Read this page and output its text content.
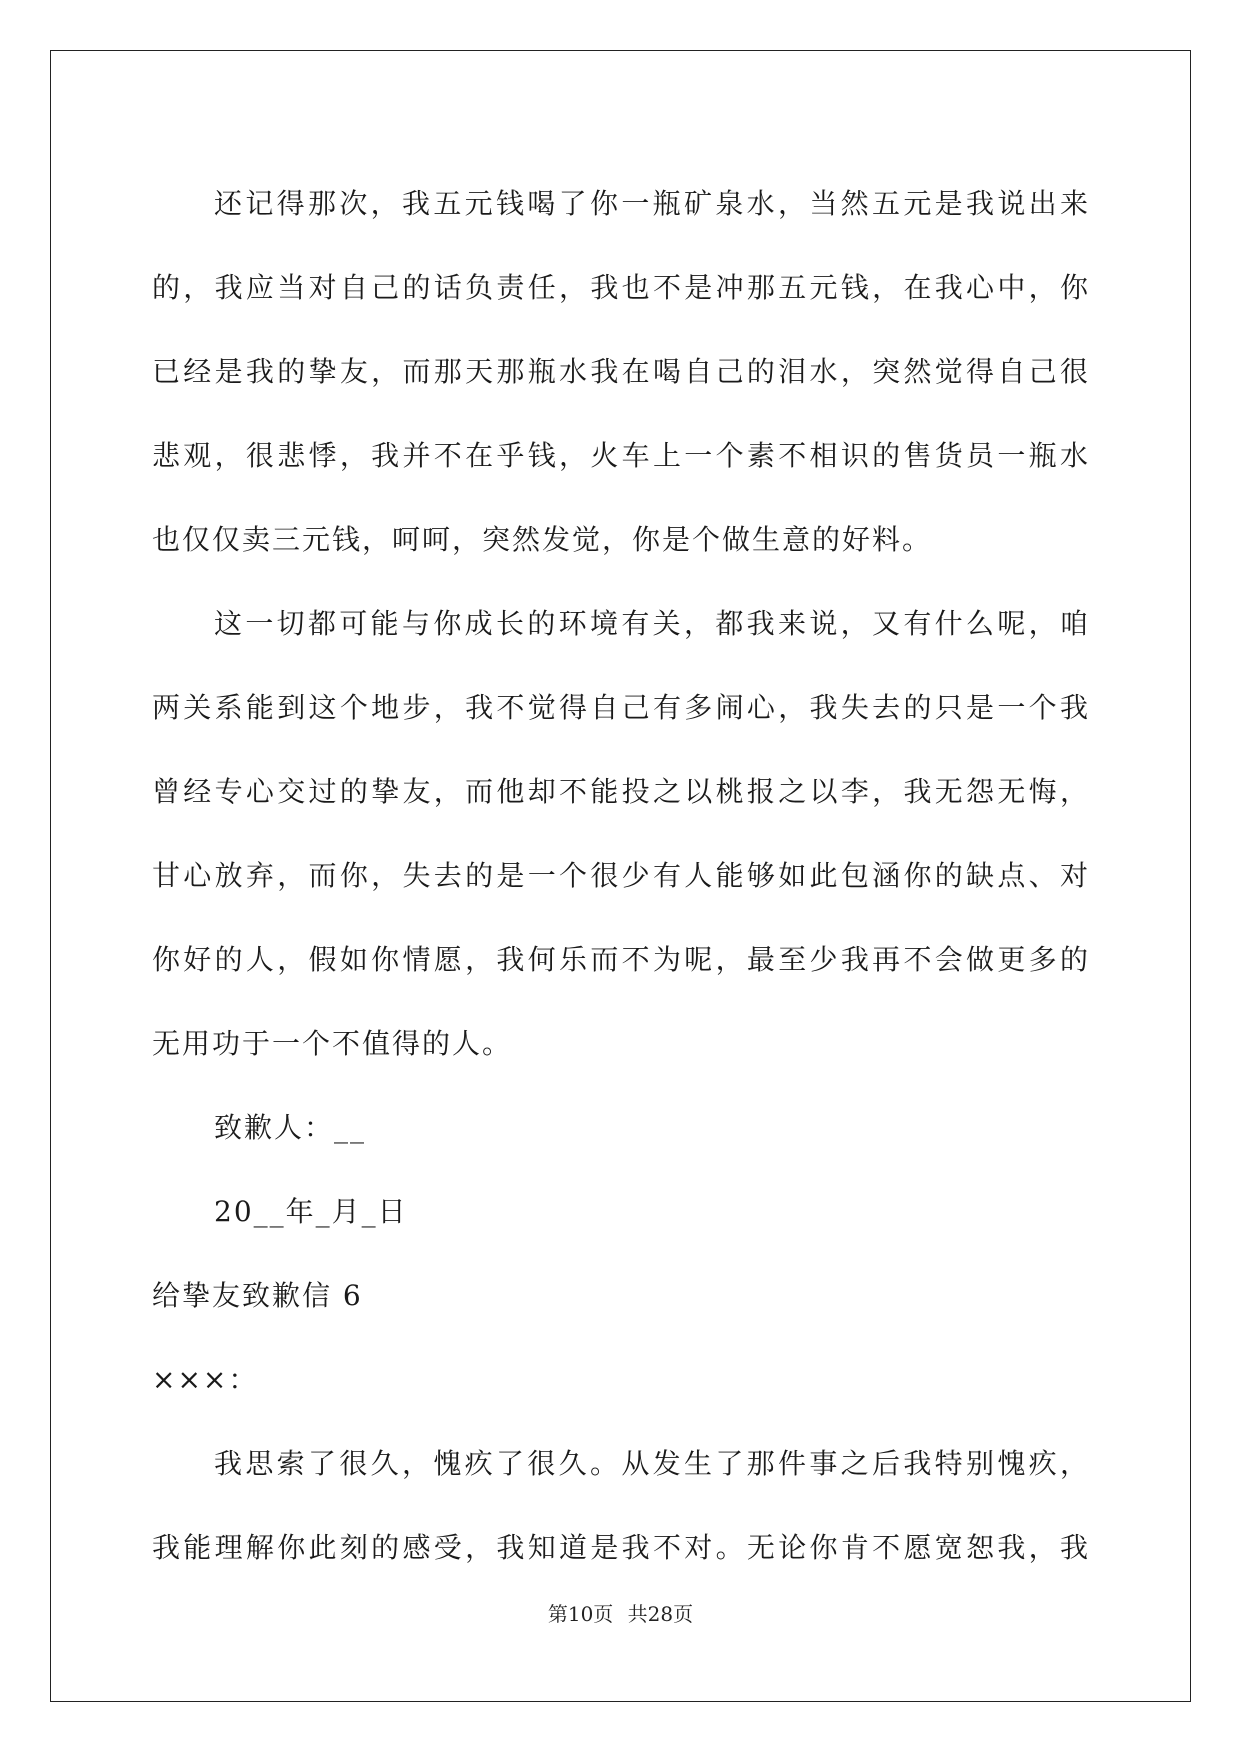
还记得那次，我五元钱喝了你一瓶矿泉水，当然五元是我说出来
的，我应当对自己的话负责任，我也不是冲那五元钱，在我心中，你
已经是我的挚友，而那天那瓶水我在喝自己的泪水，突然觉得自己很
悲观，很悲悸，我并不在乎钱，火车上一个素不相识的售货员一瓶水
也仅仅卖三元钱，呵呵，突然发觉，你是个做生意的好料。
这一切都可能与你成长的环境有关，都我来说，又有什么呢，咱
两关系能到这个地步，我不觉得自己有多闹心，我失去的只是一个我
曾经专心交过的挚友，而他却不能投之以桃报之以李，我无怨无悔，
甘心放弃，而你，失去的是一个很少有人能够如此包涵你的缺点、对
你好的人，假如你情愿，我何乐而不为呢，最至少我再不会做更多的
无用功于一个不值得的人。
致歉人：__
20__年_月_日
给挚友致歉信 6
×××：
我思索了很久，愧疚了很久。从发生了那件事之后我特别愧疚，
我能理解你此刻的感受，我知道是我不对。无论你肯不愿宽恕我，我
第10页 共28页
